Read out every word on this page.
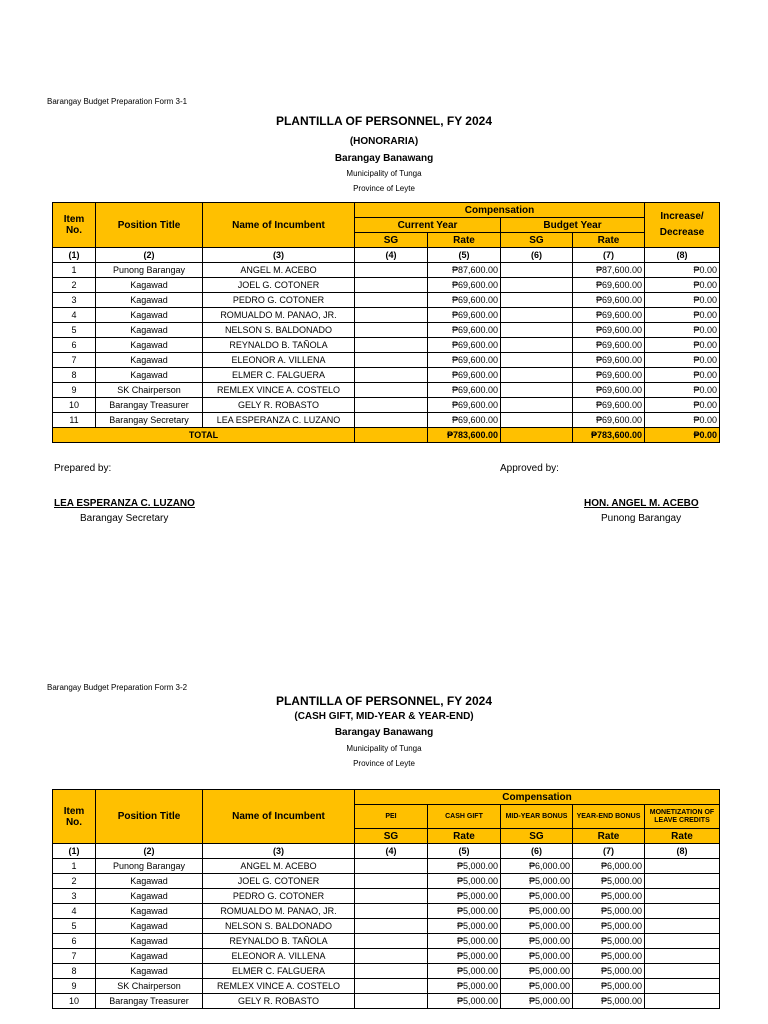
Barangay Budget Preparation Form 3-1
PLANTILLA OF PERSONNEL, FY 2024
(HONORARIA)
Barangay Banawang
Municipality of Tunga
Province of Leyte
Item No.	Position Title	Name of Incumbent	Compensation				Increase/ Decrease
			Current Year		Budget Year		
			SG	Rate	SG	Rate	
(1)	(2)	(3)	(4)	(5)	(6)	(7)	(8)
1	Punong Barangay	ANGEL M. ACEBO		₱87,600.00		₱87,600.00	₱0.00
2	Kagawad	JOEL G. COTONER		₱69,600.00		₱69,600.00	₱0.00
3	Kagawad	PEDRO G. COTONER		₱69,600.00		₱69,600.00	₱0.00
4	Kagawad	ROMUALDO M. PANAO, JR.		₱69,600.00		₱69,600.00	₱0.00
5	Kagawad	NELSON S. BALDONADO		₱69,600.00		₱69,600.00	₱0.00
6	Kagawad	REYNALDO B. TAÑOLA		₱69,600.00		₱69,600.00	₱0.00
7	Kagawad	ELEONOR A. VILLENA		₱69,600.00		₱69,600.00	₱0.00
8	Kagawad	ELMER C. FALGUERA		₱69,600.00		₱69,600.00	₱0.00
9	SK Chairperson	REMLEX VINCE A. COSTELO		₱69,600.00		₱69,600.00	₱0.00
10	Barangay Treasurer	GELY R. ROBASTO		₱69,600.00		₱69,600.00	₱0.00
11	Barangay Secretary	LEA ESPERANZA C. LUZANO		₱69,600.00		₱69,600.00	₱0.00
TOTAL				₱783,600.00		₱783,600.00	₱0.00
Prepared by:	Approved by:
LEA ESPERANZA C. LUZANO
Barangay Secretary
HON. ANGEL M. ACEBO
Punong Barangay
Barangay Budget Preparation Form 3-2
PLANTILLA OF PERSONNEL, FY 2024
(CASH GIFT, MID-YEAR & YEAR-END)
Barangay Banawang
Municipality of Tunga
Province of Leyte
Item No.	Position Title	Name of Incumbent	Compensation				
			PEI	CASH GIFT	MID-YEAR BONUS	YEAR-END BONUS	MONETIZATION OF LEAVE CREDITS
			SG	Rate	SG	Rate	Rate
(1)	(2)	(3)	(4)	(5)	(6)	(7)	(8)
1	Punong Barangay	ANGEL M. ACEBO		₱5,000.00	₱6,000.00	₱6,000.00	
2	Kagawad	JOEL G. COTONER		₱5,000.00	₱5,000.00	₱5,000.00	
3	Kagawad	PEDRO G. COTONER		₱5,000.00	₱5,000.00	₱5,000.00	
4	Kagawad	ROMUALDO M. PANAO, JR.		₱5,000.00	₱5,000.00	₱5,000.00	
5	Kagawad	NELSON S. BALDONADO		₱5,000.00	₱5,000.00	₱5,000.00	
6	Kagawad	REYNALDO B. TAÑOLA		₱5,000.00	₱5,000.00	₱5,000.00	
7	Kagawad	ELEONOR A. VILLENA		₱5,000.00	₱5,000.00	₱5,000.00	
8	Kagawad	ELMER C. FALGUERA		₱5,000.00	₱5,000.00	₱5,000.00	
9	SK Chairperson	REMLEX VINCE A. COSTELO		₱5,000.00	₱5,000.00	₱5,000.00	
10	Barangay Treasurer	GELY R. ROBASTO		₱5,000.00	₱5,000.00	₱5,000.00	
